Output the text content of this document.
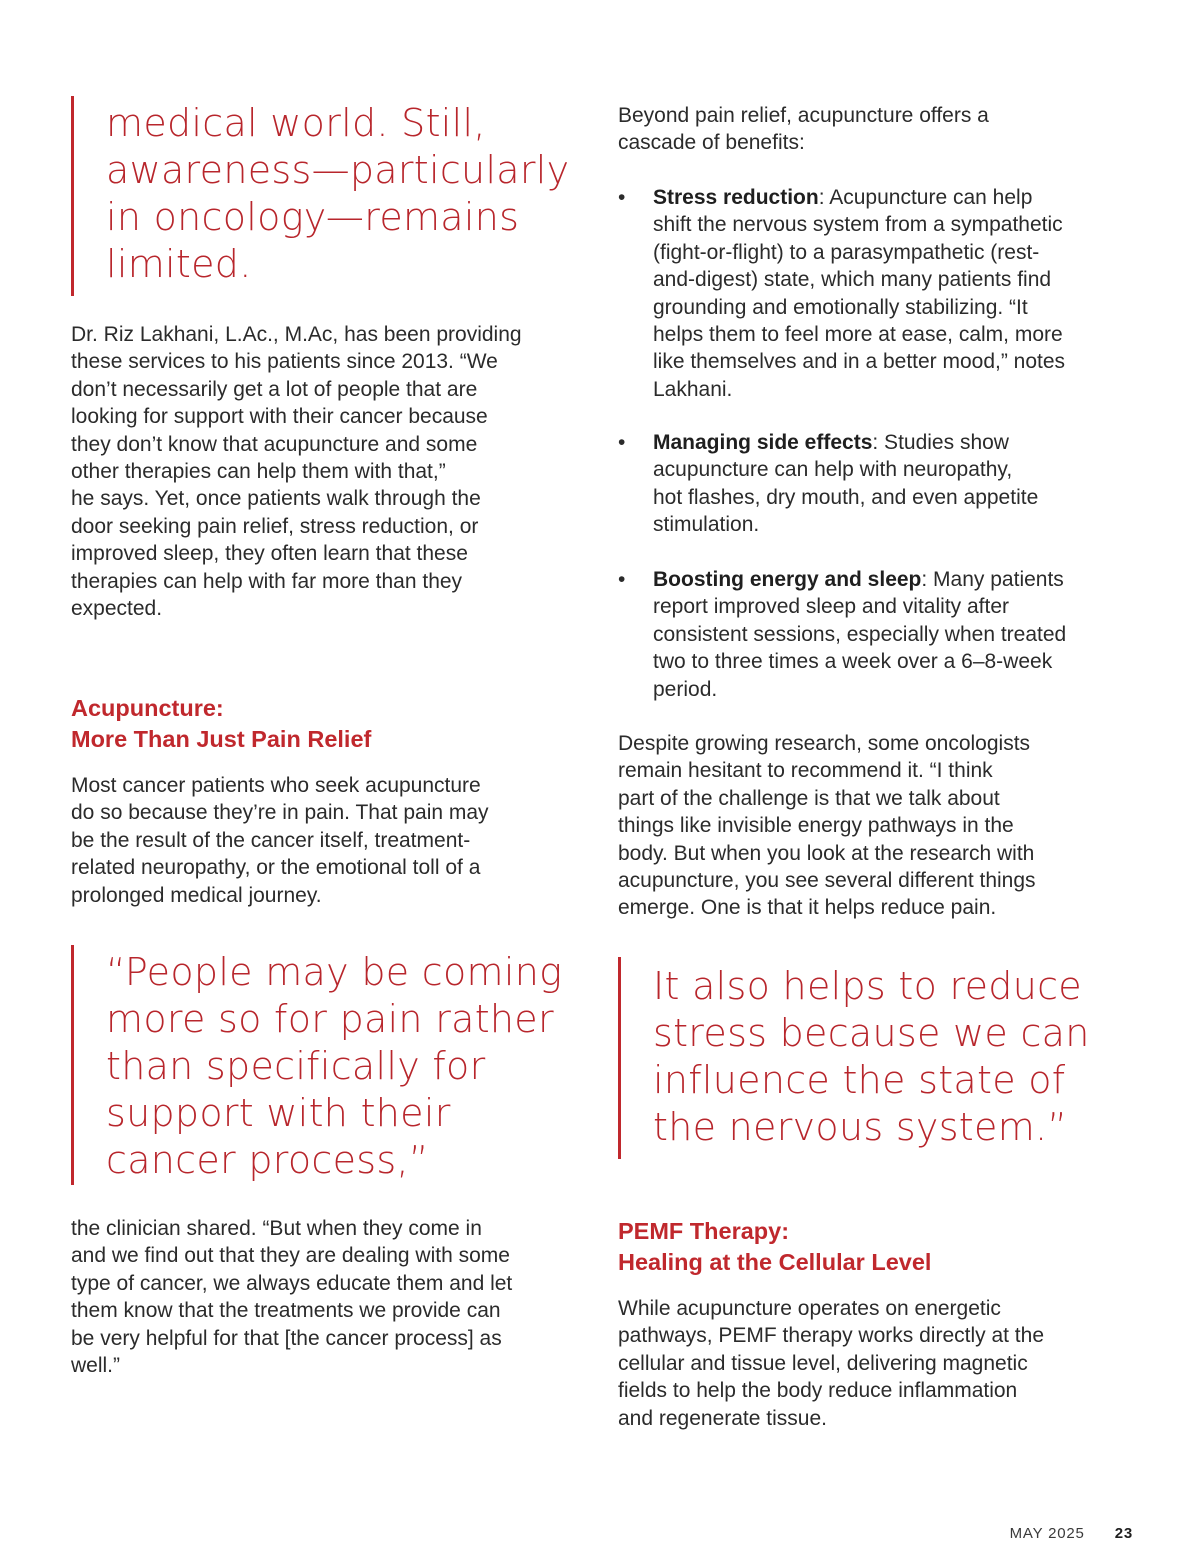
medical world. Still,
awareness—particularly
in oncology—remains
limited.
Dr. Riz Lakhani, L.Ac., M.Ac, has been providing
these services to his patients since 2013. “We
don’t necessarily get a lot of people that are
looking for support with their cancer because
they don’t know that acupuncture and some
other therapies can help them with that,”
he says. Yet, once patients walk through the
door seeking pain relief, stress reduction, or
improved sleep, they often learn that these
therapies can help with far more than they
expected.
Acupuncture:
More Than Just Pain Relief
Most cancer patients who seek acupuncture
do so because they’re in pain. That pain may
be the result of the cancer itself, treatment-
related neuropathy, or the emotional toll of a
prolonged medical journey.
“People may be coming
more so for pain rather
than specifically for
support with their
cancer process,”
the clinician shared. “But when they come in
and we find out that they are dealing with some
type of cancer, we always educate them and let
them know that the treatments we provide can
be very helpful for that [the cancer process] as
well.”
Beyond pain relief, acupuncture offers a
cascade of benefits:
•	Stress reduction: Acupuncture can help
shift the nervous system from a sympathetic
(fight-or-flight) to a parasympathetic (rest-
and-digest) state, which many patients find
grounding and emotionally stabilizing. “It
helps them to feel more at ease, calm, more
like themselves and in a better mood,” notes
Lakhani.
•	Managing side effects: Studies show
acupuncture can help with neuropathy,
hot flashes, dry mouth, and even appetite
stimulation.
•	Boosting energy and sleep: Many patients
report improved sleep and vitality after
consistent sessions, especially when treated
two to three times a week over a 6–8-week
period.
Despite growing research, some oncologists
remain hesitant to recommend it. “I think
part of the challenge is that we talk about
things like invisible energy pathways in the
body. But when you look at the research with
acupuncture, you see several different things
emerge. One is that it helps reduce pain.
It also helps to reduce
stress because we can
influence the state of
the nervous system.”
PEMF Therapy:
Healing at the Cellular Level
While acupuncture operates on energetic
pathways, PEMF therapy works directly at the
cellular and tissue level, delivering magnetic
fields to help the body reduce inflammation
and regenerate tissue.
MAY 2025 23
